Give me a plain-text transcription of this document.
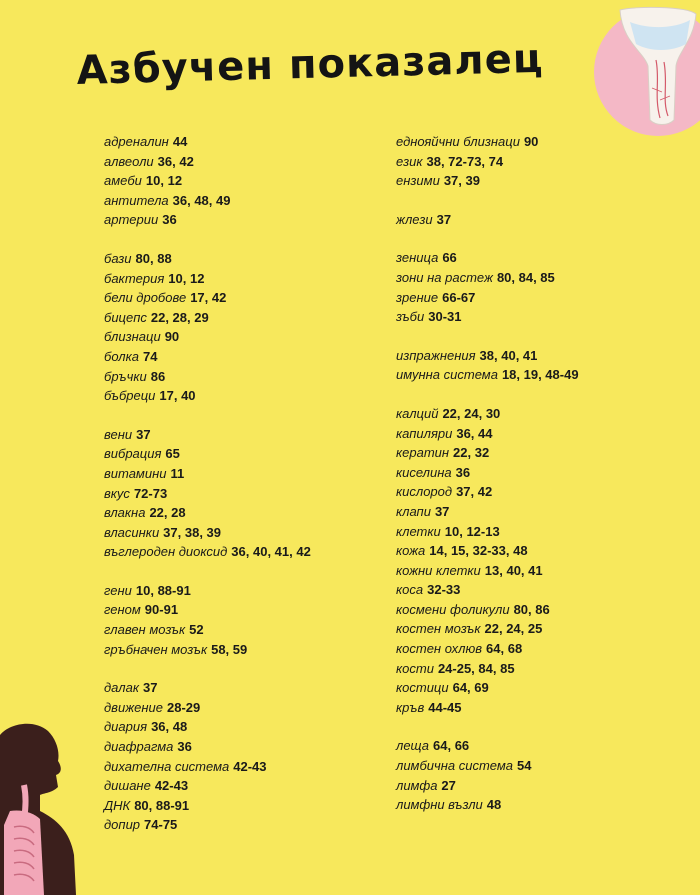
Азбучен показалец
адреналин 44
алвеоли 36, 42
амеби 10, 12
антитела 36, 48, 49
артерии 36
бази 80, 88
бактерия 10, 12
бели дробове 17, 42
бицепс 22, 28, 29
близнаци 90
болка 74
бръчки 86
бъбреци 17, 40
вени 37
вибрация 65
витамини 11
вкус 72-73
влакна 22, 28
власинки 37, 38, 39
въглероден диоксид 36, 40, 41, 42
гени 10, 88-91
геном 90-91
главен мозък 52
гръбначен мозък 58, 59
далак 37
движение 28-29
диария 36, 48
диафрагма 36
дихателна система 42-43
дишане 42-43
ДНК 80, 88-91
допир 74-75
еднояйчни близнаци 90
език 38, 72-73, 74
ензими 37, 39
жлези 37
зеница 66
зони на растеж 80, 84, 85
зрение 66-67
зъби 30-31
изпражнения 38, 40, 41
имунна система 18, 19, 48-49
калций 22, 24, 30
капиляри 36, 44
кератин 22, 32
киселина 36
кислород 37, 42
клапи 37
клетки 10, 12-13
кожа 14, 15, 32-33, 48
кожни клетки 13, 40, 41
коса 32-33
космени фоликули 80, 86
костен мозък 22, 24, 25
костен охлюв 64, 68
кости 24-25, 84, 85
костици 64, 69
кръв 44-45
леща 64, 66
лимбична система 54
лимфа 27
лимфни възли 48
